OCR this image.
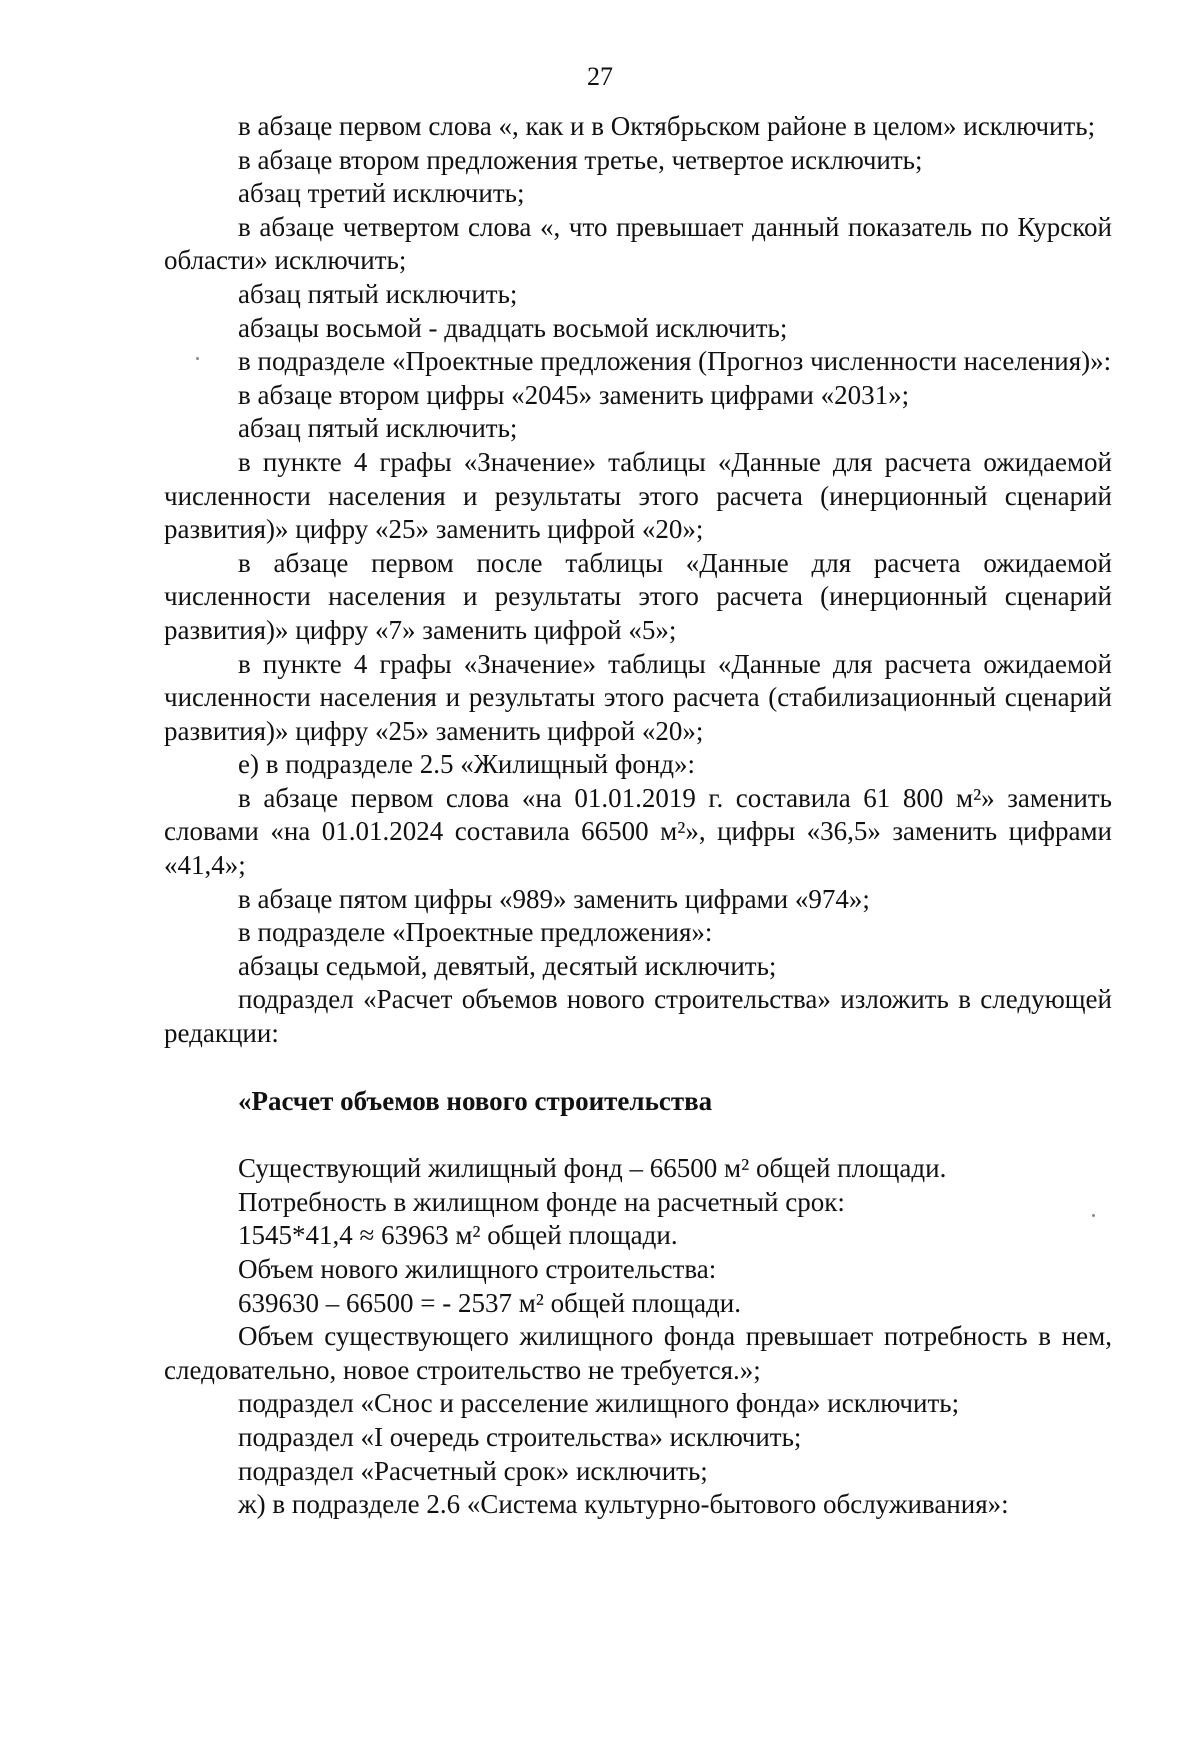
27

в абзаце первом слова «, как и в Октябрьском районе в целом» исключить;

в абзаце втором предложения третье, четвертое исключить;

абзац третий исключить;

в абзаце четвертом слова «, что превышает данный показатель по Курской области» исключить;

абзац пятый исключить;

абзацы восьмой - двадцать восьмой исключить;

в подразделе «Проектные предложения (Прогноз численности населения)»:

в абзаце втором цифры «2045» заменить цифрами «2031»;

абзац пятый исключить;

в пункте 4 графы «Значение» таблицы «Данные для расчета ожидаемой численности населения и результаты этого расчета (инерционный сценарий развития)» цифру «25» заменить цифрой «20»;

в абзаце первом после таблицы «Данные для расчета ожидаемой численности населения и результаты этого расчета (инерционный сценарий развития)» цифру «7» заменить цифрой «5»;

в пункте 4 графы «Значение» таблицы «Данные для расчета ожидаемой численности населения и результаты этого расчета (стабилизационный сценарий развития)» цифру «25» заменить цифрой «20»;

е) в подразделе 2.5 «Жилищный фонд»:

в абзаце первом слова «на 01.01.2019 г. составила 61 800 м²» заменить словами «на 01.01.2024 составила 66500 м²», цифры «36,5» заменить цифрами «41,4»;

в абзаце пятом цифры «989» заменить цифрами «974»;

в подразделе «Проектные предложения»:

абзацы седьмой, девятый, десятый исключить;

подраздел «Расчет объемов нового строительства» изложить в следующей редакции:

«Расчет объемов нового строительства

Существующий жилищный фонд – 66500 м² общей площади.

Потребность в жилищном фонде на расчетный срок:

1545*41,4 ≈ 63963 м² общей площади.

Объем нового жилищного строительства:

639630 – 66500 = - 2537 м² общей площади.

Объем существующего жилищного фонда превышает потребность в нем, следовательно, новое строительство не требуется.»;

подраздел «Снос и расселение жилищного фонда» исключить;

подраздел «I очередь строительства» исключить;

подраздел «Расчетный срок» исключить;

ж) в подразделе 2.6 «Система культурно-бытового обслуживания»:
